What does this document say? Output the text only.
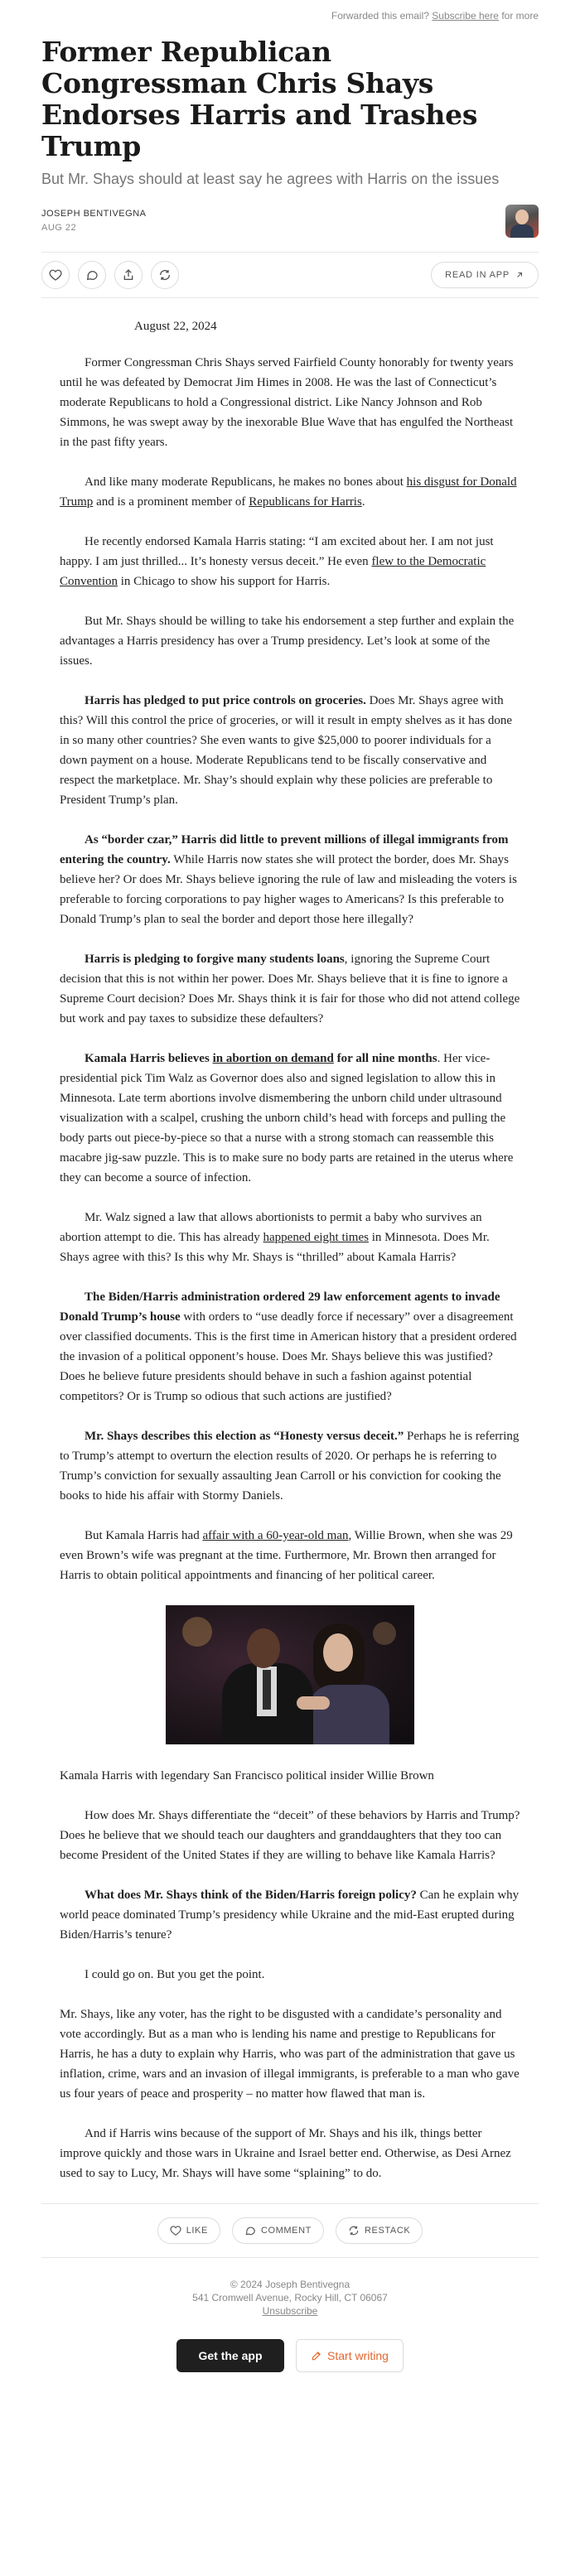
Forwarded this email? Subscribe here for more
Former Republican Congressman Chris Shays Endorses Harris and Trashes Trump
But Mr. Shays should at least say he agrees with Harris on the issues
JOSEPH BENTIVEGNA
AUG 22
READ IN APP
August 22, 2024

Former Congressman Chris Shays served Fairfield County honorably for twenty years until he was defeated by Democrat Jim Himes in 2008. He was the last of Connecticut’s moderate Republicans to hold a Congressional district. Like Nancy Johnson and Rob Simmons, he was swept away by the inexorable Blue Wave that has engulfed the Northeast in the past fifty years.

And like many moderate Republicans, he makes no bones about his disgust for Donald Trump and is a prominent member of Republicans for Harris.

He recently endorsed Kamala Harris stating: “I am excited about her. I am not just happy. I am just thrilled... It’s honesty versus deceit.” He even flew to the Democratic Convention in Chicago to show his support for Harris.

But Mr. Shays should be willing to take his endorsement a step further and explain the advantages a Harris presidency has over a Trump presidency. Let’s look at some of the issues.

Harris has pledged to put price controls on groceries. Does Mr. Shays agree with this? Will this control the price of groceries, or will it result in empty shelves as it has done in so many other countries? She even wants to give $25,000 to poorer individuals for a down payment on a house. Moderate Republicans tend to be fiscally conservative and respect the marketplace. Mr. Shay’s should explain why these policies are preferable to President Trump’s plan.

As “border czar,” Harris did little to prevent millions of illegal immigrants from entering the country. While Harris now states she will protect the border, does Mr. Shays believe her? Or does Mr. Shays believe ignoring the rule of law and misleading the voters is preferable to forcing corporations to pay higher wages to Americans? Is this preferable to Donald Trump’s plan to seal the border and deport those here illegally?

Harris is pledging to forgive many students loans, ignoring the Supreme Court decision that this is not within her power. Does Mr. Shays believe that it is fine to ignore a Supreme Court decision? Does Mr. Shays think it is fair for those who did not attend college but work and pay taxes to subsidize these defaulters?

Kamala Harris believes in abortion on demand for all nine months. Her vice-presidential pick Tim Walz as Governor does also and signed legislation to allow this in Minnesota. Late term abortions involve dismembering the unborn child under ultrasound visualization with a scalpel, crushing the unborn child’s head with forceps and pulling the body parts out piece-by-piece so that a nurse with a strong stomach can reassemble this macabre jig-saw puzzle. This is to make sure no body parts are retained in the uterus where they can become a source of infection.

Mr. Walz signed a law that allows abortionists to permit a baby who survives an abortion attempt to die. This has already happened eight times in Minnesota. Does Mr. Shays agree with this? Is this why Mr. Shays is “thrilled” about Kamala Harris?

The Biden/Harris administration ordered 29 law enforcement agents to invade Donald Trump’s house with orders to “use deadly force if necessary” over a disagreement over classified documents. This is the first time in American history that a president ordered the invasion of a political opponent’s house. Does Mr. Shays believe this was justified? Does he believe future presidents should behave in such a fashion against potential competitors? Or is Trump so odious that such actions are justified?

Mr. Shays describes this election as “Honesty versus deceit.” Perhaps he is referring to Trump’s attempt to overturn the election results of 2020. Or perhaps he is referring to Trump’s conviction for sexually assaulting Jean Carroll or his conviction for cooking the books to hide his affair with Stormy Daniels.

But Kamala Harris had affair with a 60-year-old man, Willie Brown, when she was 29 even Brown’s wife was pregnant at the time. Furthermore, Mr. Brown then arranged for Harris to obtain political appointments and financing of her political career.

Kamala Harris with legendary San Francisco political insider Willie Brown

How does Mr. Shays differentiate the “deceit” of these behaviors by Harris and Trump? Does he believe that we should teach our daughters and granddaughters that they too can become President of the United States if they are willing to behave like Kamala Harris?

What does Mr. Shays think of the Biden/Harris foreign policy? Can he explain why world peace dominated Trump’s presidency while Ukraine and the mid-East erupted during Biden/Harris’s tenure?

I could go on. But you get the point.

Mr. Shays, like any voter, has the right to be disgusted with a candidate’s personality and vote accordingly. But as a man who is lending his name and prestige to Republicans for Harris, he has a duty to explain why Harris, who was part of the administration that gave us inflation, crime, wars and an invasion of illegal immigrants, is preferable to a man who gave us four years of peace and prosperity – no matter how flawed that man is.

And if Harris wins because of the support of Mr. Shays and his ilk, things better improve quickly and those wars in Ukraine and Israel better end. Otherwise, as Desi Arnez used to say to Lucy, Mr. Shays will have some “splaining” to do.

LIKE	COMMENT	RESTACK
© 2024 Joseph Bentivegna
541 Cromwell Avenue, Rocky Hill, CT 06067
Unsubscribe
Get the app	Start writing
